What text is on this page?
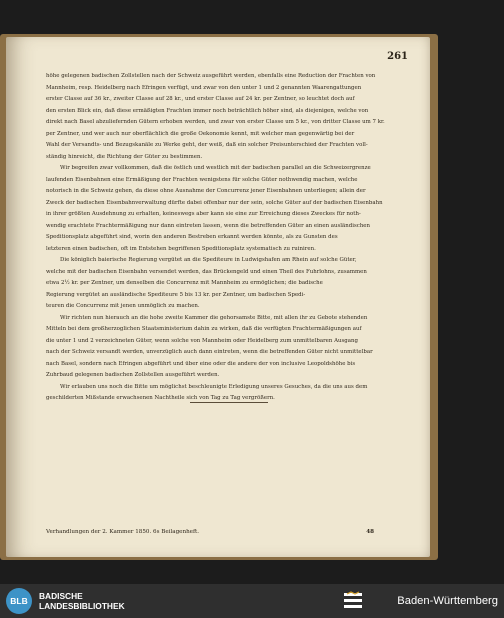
261
höhe gelegenen badischen Zollstellen nach der Schweiz ausgeführt werden, ebenfalls eine Reduction der Frachten von
Mannheim, resp. Heidelberg nach Efringen verfügt, und zwar von den unter 1 und 2 genannten Waarengattungen
erster Classe auf 36 kr., zweiter Classe auf 28 kr., und erster Classe auf 24 kr. per Zentner, so leuchtet doch auf
den ersten Blick ein, daß diese ermäßigten Frachten immer noch beträchtlich höher sind, als diejenigen, welche von
direkt nach Basel abzuliefernden Gütern erhoben werden, und zwar von erster Classe um 5 kr., von dritter Classe um 7 kr.
per Zentner, und wer auch nur oberflächlich die große Oekonomie kennt, mit welcher man gegenwärtig bei der
Wahl der Versandts- und Bezugskanäle zu Werke geht, der weiß, daß ein solcher Preisunterschied der Frachten voll-
ständig hinreicht, die Richtung der Güter zu bestimmen.
Wir begreifen zwar vollkommen, daß die östlich und westlich mit der badischen parallel an die Schweizergrenze
laufenden Eisenbahnen eine Ermäßigung der Frachten wenigstens für solche Güter nothwendig machen, welche
notorisch in die Schweiz gehen, da diese ohne Ausnahme der Concurrenz jener Eisenbahnen unterliegen; allein der
Zweck der badischen Eisenbahnverwaltung dürfte dabei offenbar nur der sein, solche Güter auf der badischen Eisenbahn
in ihrer größten Ausdehnung zu erhalten, keineswegs aber kann sie eine zur Erreichung dieses Zweckes für noth-
wendig erachtete Frachtermäßigung nur dann eintreten lassen, wenn die betreffenden Güter an einen ausländischen
Speditionsplatz abgeführt sind, worin den anderen Bestreben erkannt werden könnte, als zu Gunsten des
letzteren einen badischen, oft im Entstehen begriffenen Speditionsplatz systematisch zu ruiniren.
Die königlich baierische Regierung vergütet an die Spediteure in Ludwigshafen am Rhein auf solche Güter,
welche mit der badischen Eisenbahn versendet werden, das Brückengeld und einen Theil des Fuhrlohns, zusammen
etwa 2½ kr. per Zentner, um denselben die Concurrenz mit Mannheim zu ermöglichen; die badische
Regierung vergütet an ausländische Spediteure 5 bis 13 kr. per Zentner, um badischen Spedi-
teuren die Concurrenz mit jenen unmöglich zu machen.
Wir richten nun hierauch an die hohe zweite Kammer die gehorsamste Bitte, mit allen ihr zu Gebote stehenden
Mitteln bei dem großherzoglichen Staatsministerium dahin zu wirken, daß die verfügten Frachtermäßigungen auf
die unter 1 und 2 verzeichneten Güter, wenn solche von Mannheim oder Heidelberg zum unmittelbaren Ausgang
nach der Schweiz versandt werden, unverzüglich auch dann eintreten, wenn die betreffenden Güter nicht unmittelbar
nach Basel, sondern nach Efringen abgeführt und über eine oder die andere der von inclusive Leopoldshöhe bis
Zuhrbaud gelegenen badischen Zollstellen ausgeführt werden.
Wir erlauben uns noch die Bitte um möglichst beschleunigte Erledigung unseres Gesuches, da die uns aus dem
geschilderten Mißstande erwachsenen Nachtheile sich von Tag zu Tag vergrößern.
Verhandlungen der 2. Kammer 1850. 6s Beilagenheft.	48
BLB	BADISCHE
LANDESBIBLIOTHEK	Baden-Württemberg
